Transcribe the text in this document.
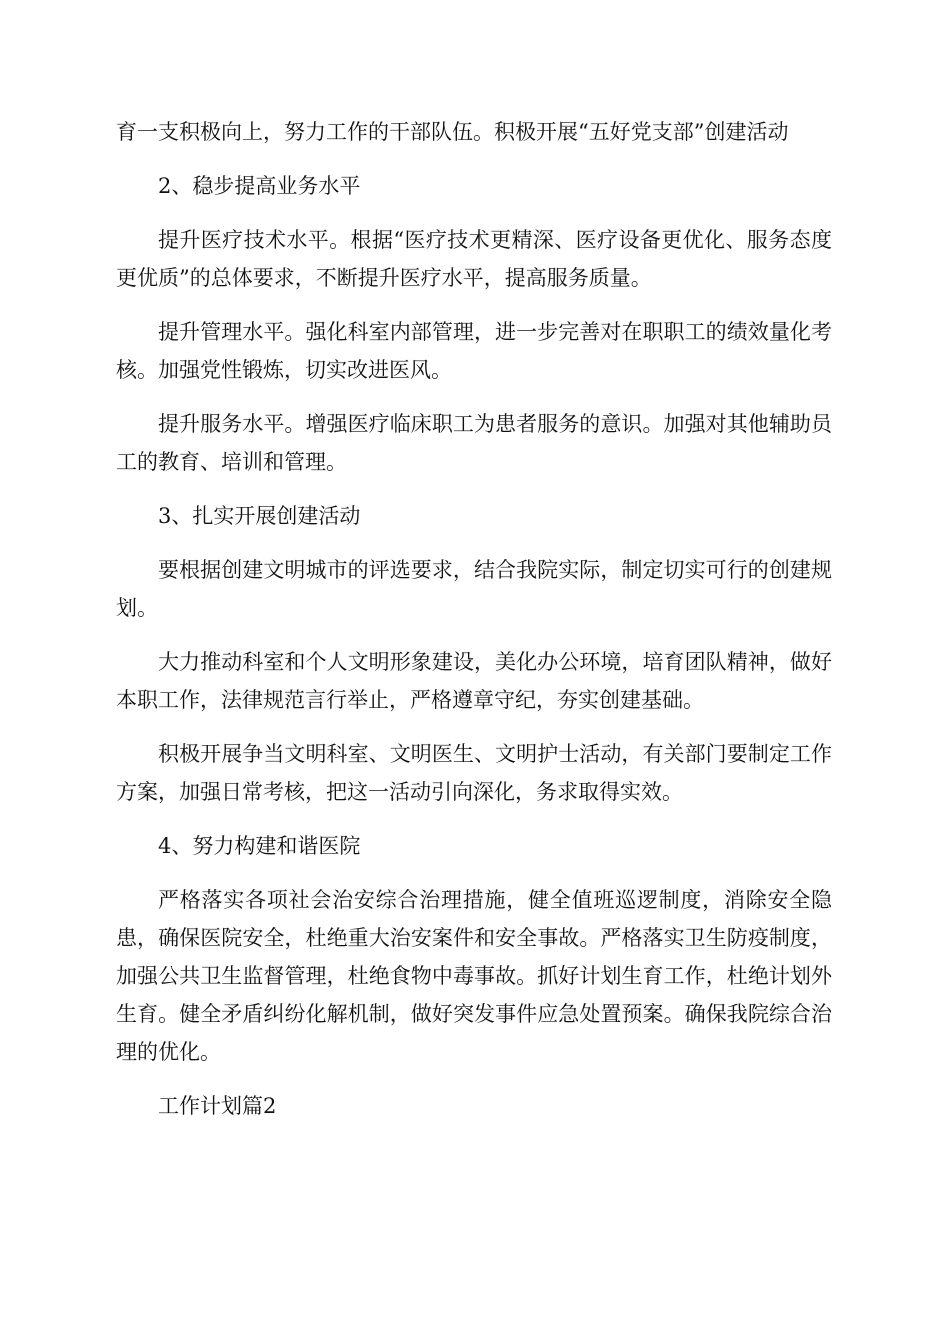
育一支积极向上，努力工作的干部队伍。积极开展“五好党支部”创建活动

2、稳步提高业务水平

提升医疗技术水平。根据“医疗技术更精深、医疗设备更优化、服务态度更优质”的总体要求，不断提升医疗水平，提高服务质量。

提升管理水平。强化科室内部管理，进一步完善对在职职工的绩效量化考核。加强党性锻炼，切实改进医风。

提升服务水平。增强医疗临床职工为患者服务的意识。加强对其他辅助员工的教育、培训和管理。

3、扎实开展创建活动

要根据创建文明城市的评选要求，结合我院实际，制定切实可行的创建规划。

大力推动科室和个人文明形象建设，美化办公环境，培育团队精神，做好本职工作，法律规范言行举止，严格遵章守纪，夯实创建基础。

积极开展争当文明科室、文明医生、文明护士活动，有关部门要制定工作方案，加强日常考核，把这一活动引向深化，务求取得实效。

4、努力构建和谐医院

严格落实各项社会治安综合治理措施，健全值班巡逻制度，消除安全隐患，确保医院安全，杜绝重大治安案件和安全事故。严格落实卫生防疫制度，加强公共卫生监督管理，杜绝食物中毒事故。抓好计划生育工作，杜绝计划外生育。健全矛盾纠纷化解机制，做好突发事件应急处置预案。确保我院综合治理的优化。

工作计划篇2
